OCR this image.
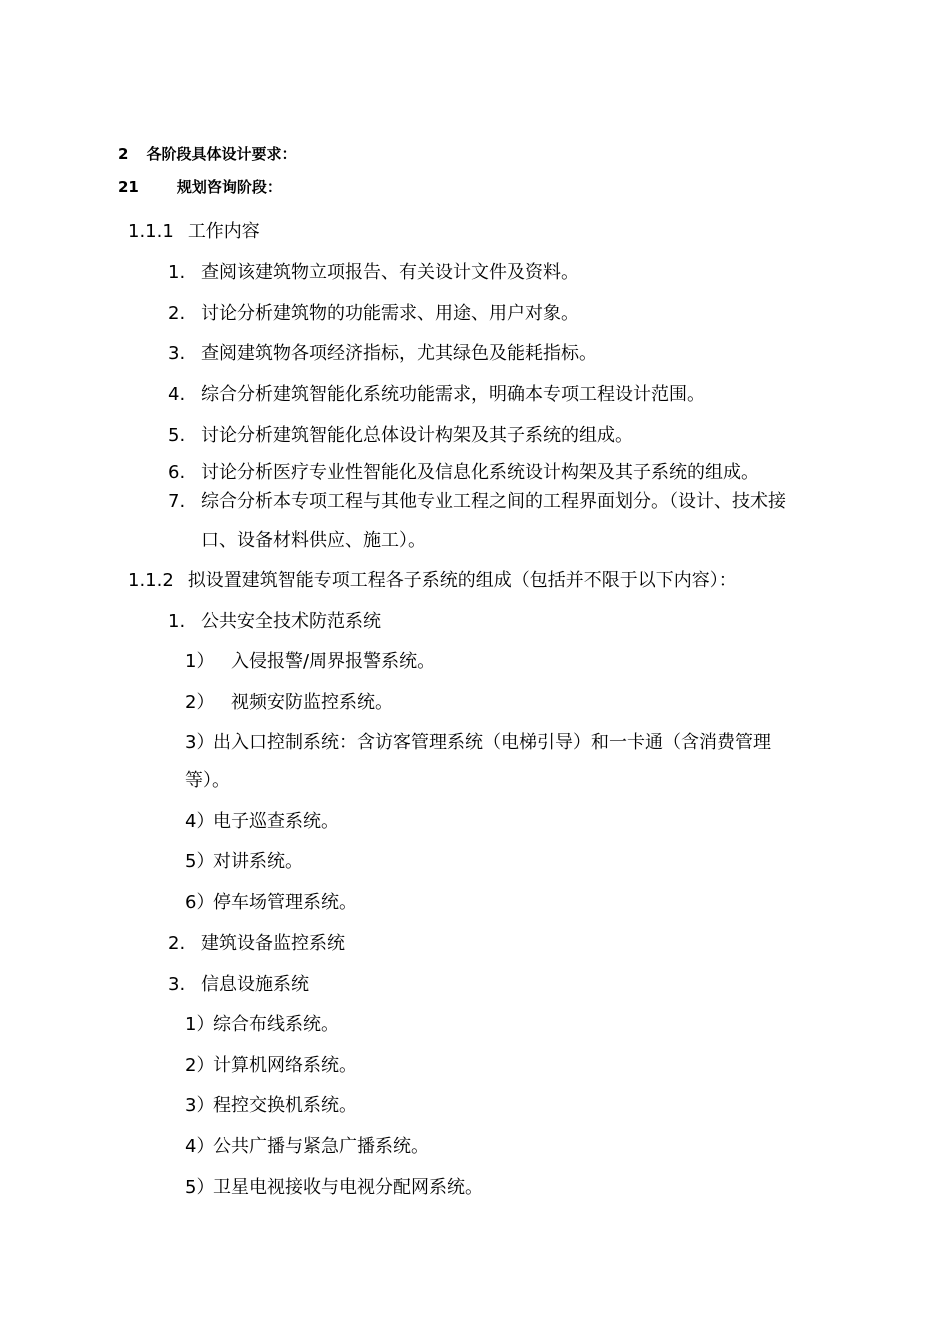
2 各阶段具体设计要求：
21	规划咨询阶段：
1.1.1 工作内容
1. 查阅该建筑物立项报告、有关设计文件及资料。
2. 讨论分析建筑物的功能需求、用途、用户对象。
3. 查阅建筑物各项经济指标，尤其绿色及能耗指标。
4. 综合分析建筑智能化系统功能需求，明确本专项工程设计范围。
5. 讨论分析建筑智能化总体设计构架及其子系统的组成。
6. 讨论分析医疗专业性智能化及信息化系统设计构架及其子系统的组成。
7. 综合分析本专项工程与其他专业工程之间的工程界面划分。（设计、技术接
口、设备材料供应、施工）。
1.1.2 拟设置建筑智能专项工程各子系统的组成（包括并不限于以下内容）：
1. 公共安全技术防范系统
1） 入侵报警/周界报警系统。
2） 视频安防监控系统。
3）出入口控制系统：含访客管理系统（电梯引导）和一卡通（含消费管理
等）。
4）电子巡查系统。
5）对讲系统。
6）停车场管理系统。
2. 建筑设备监控系统
3. 信息设施系统
1）综合布线系统。
2）计算机网络系统。
3）程控交换机系统。
4）公共广播与紧急广播系统。
5）卫星电视接收与电视分配网系统。
